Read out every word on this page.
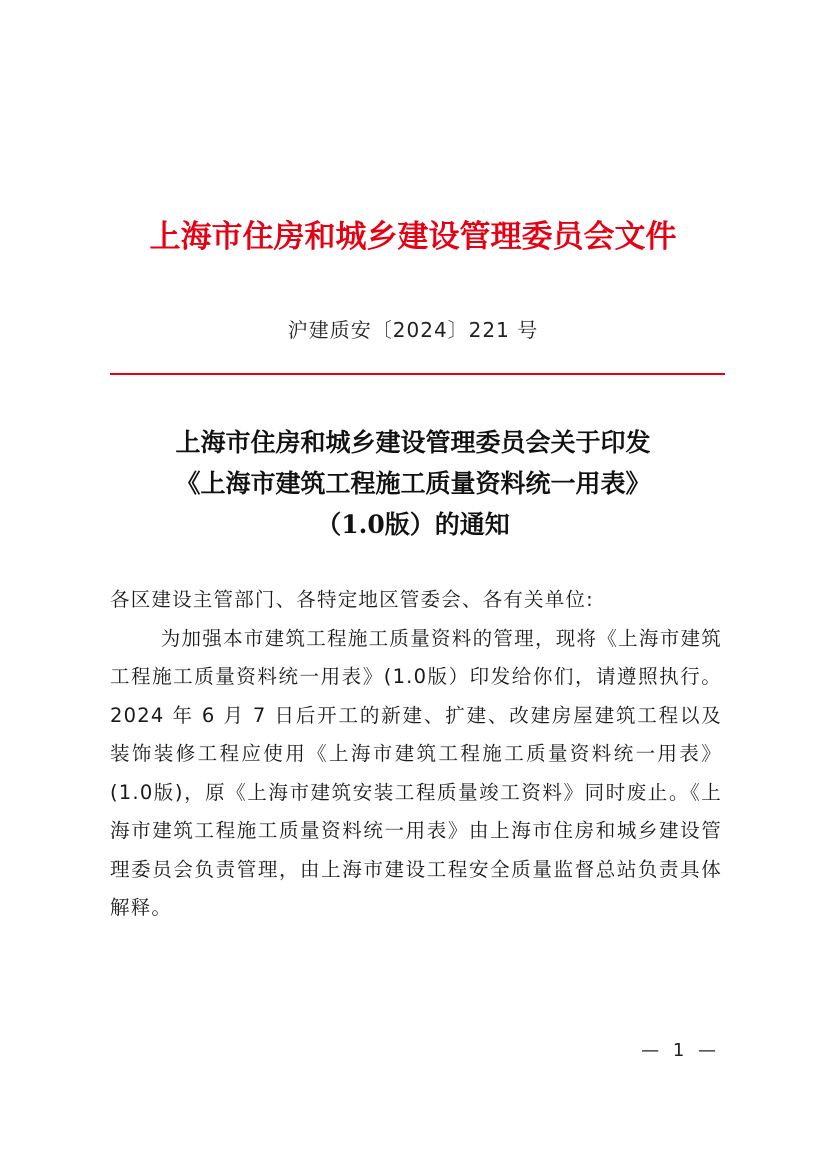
上海市住房和城乡建设管理委员会文件
沪建质安〔2024〕221 号
上海市住房和城乡建设管理委员会关于印发
《上海市建筑工程施工质量资料统一用表》
（1.0版）的通知

各区建设主管部门、各特定地区管委会、各有关单位:

为加强本市建筑工程施工质量资料的管理，现将《上海市建筑工程施工质量资料统一用表》(1.0版）印发给你们，请遵照执行。2024 年 6 月 7 日后开工的新建、扩建、改建房屋建筑工程以及装饰装修工程应使用《上海市建筑工程施工质量资料统一用表》(1.0版)，原《上海市建筑安装工程质量竣工资料》同时废止。《上海市建筑工程施工质量资料统一用表》由上海市住房和城乡建设管理委员会负责管理，由上海市建设工程安全质量监督总站负责具体解释。

— 1 —
